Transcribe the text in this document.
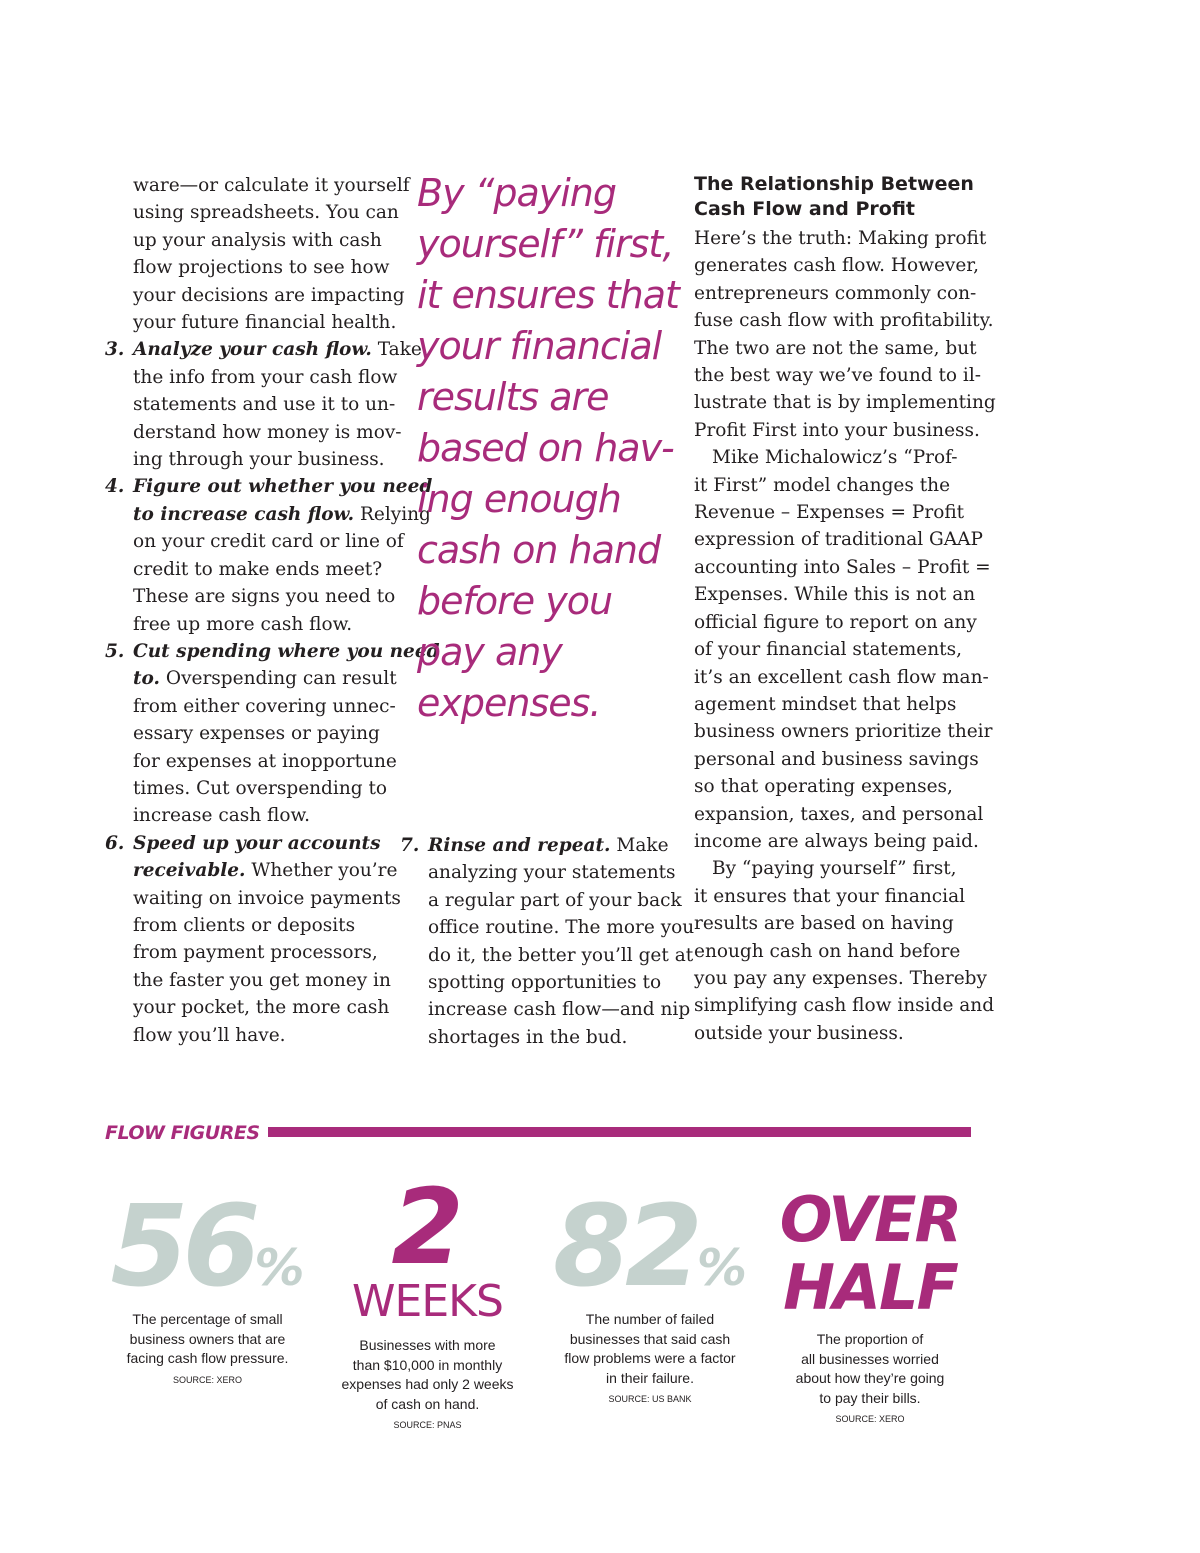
ware—or calculate it yourself
using spreadsheets. You can
up your analysis with cash
flow projections to see how
your decisions are impacting
your future financial health.
3. Analyze your cash flow. Take
the info from your cash flow
statements and use it to un-
derstand how money is mov-
ing through your business.
4. Figure out whether you need
to increase cash flow. Relying
on your credit card or line of
credit to make ends meet?
These are signs you need to
free up more cash flow.
5. Cut spending where you need
to. Overspending can result
from either covering unnec-
essary expenses or paying
for expenses at inopportune
times. Cut overspending to
increase cash flow.
6. Speed up your accounts
receivable. Whether you’re
waiting on invoice payments
from clients or deposits
from payment processors,
the faster you get money in
your pocket, the more cash
flow you’ll have.
By “paying
yourself” first,
it ensures that
your financial
results are
based on hav-
ing enough
cash on hand
before you
pay any
expenses.
7. Rinse and repeat. Make
analyzing your statements
a regular part of your back
office routine. The more you
do it, the better you’ll get at
spotting opportunities to
increase cash flow—and nip
shortages in the bud.
The Relationship Between
Cash Flow and Profit
Here’s the truth: Making profit
generates cash flow. However,
entrepreneurs commonly con-
fuse cash flow with profitability.
The two are not the same, but
the best way we’ve found to il-
lustrate that is by implementing
Profit First into your business.
Mike Michalowicz’s “Prof-
it First” model changes the
Revenue – Expenses = Profit
expression of traditional GAAP
accounting into Sales – Profit =
Expenses. While this is not an
official figure to report on any
of your financial statements,
it’s an excellent cash flow man-
agement mindset that helps
business owners prioritize their
personal and business savings
so that operating expenses,
expansion, taxes, and personal
income are always being paid.
By “paying yourself” first,
it ensures that your financial
results are based on having
enough cash on hand before
you pay any expenses. Thereby
simplifying cash flow inside and
outside your business.
FLOW FIGURES
56%
The percentage of small
business owners that are
facing cash flow pressure.
SOURCE: XERO
2
WEEKS
Businesses with more
than $10,000 in monthly
expenses had only 2 weeks
of cash on hand.
SOURCE: PNAS
82%
The number of failed
businesses that said cash
flow problems were a factor
in their failure.
SOURCE: US BANK
OVER
HALF
The proportion of
all businesses worried
about how they’re going
to pay their bills.
SOURCE: XERO
